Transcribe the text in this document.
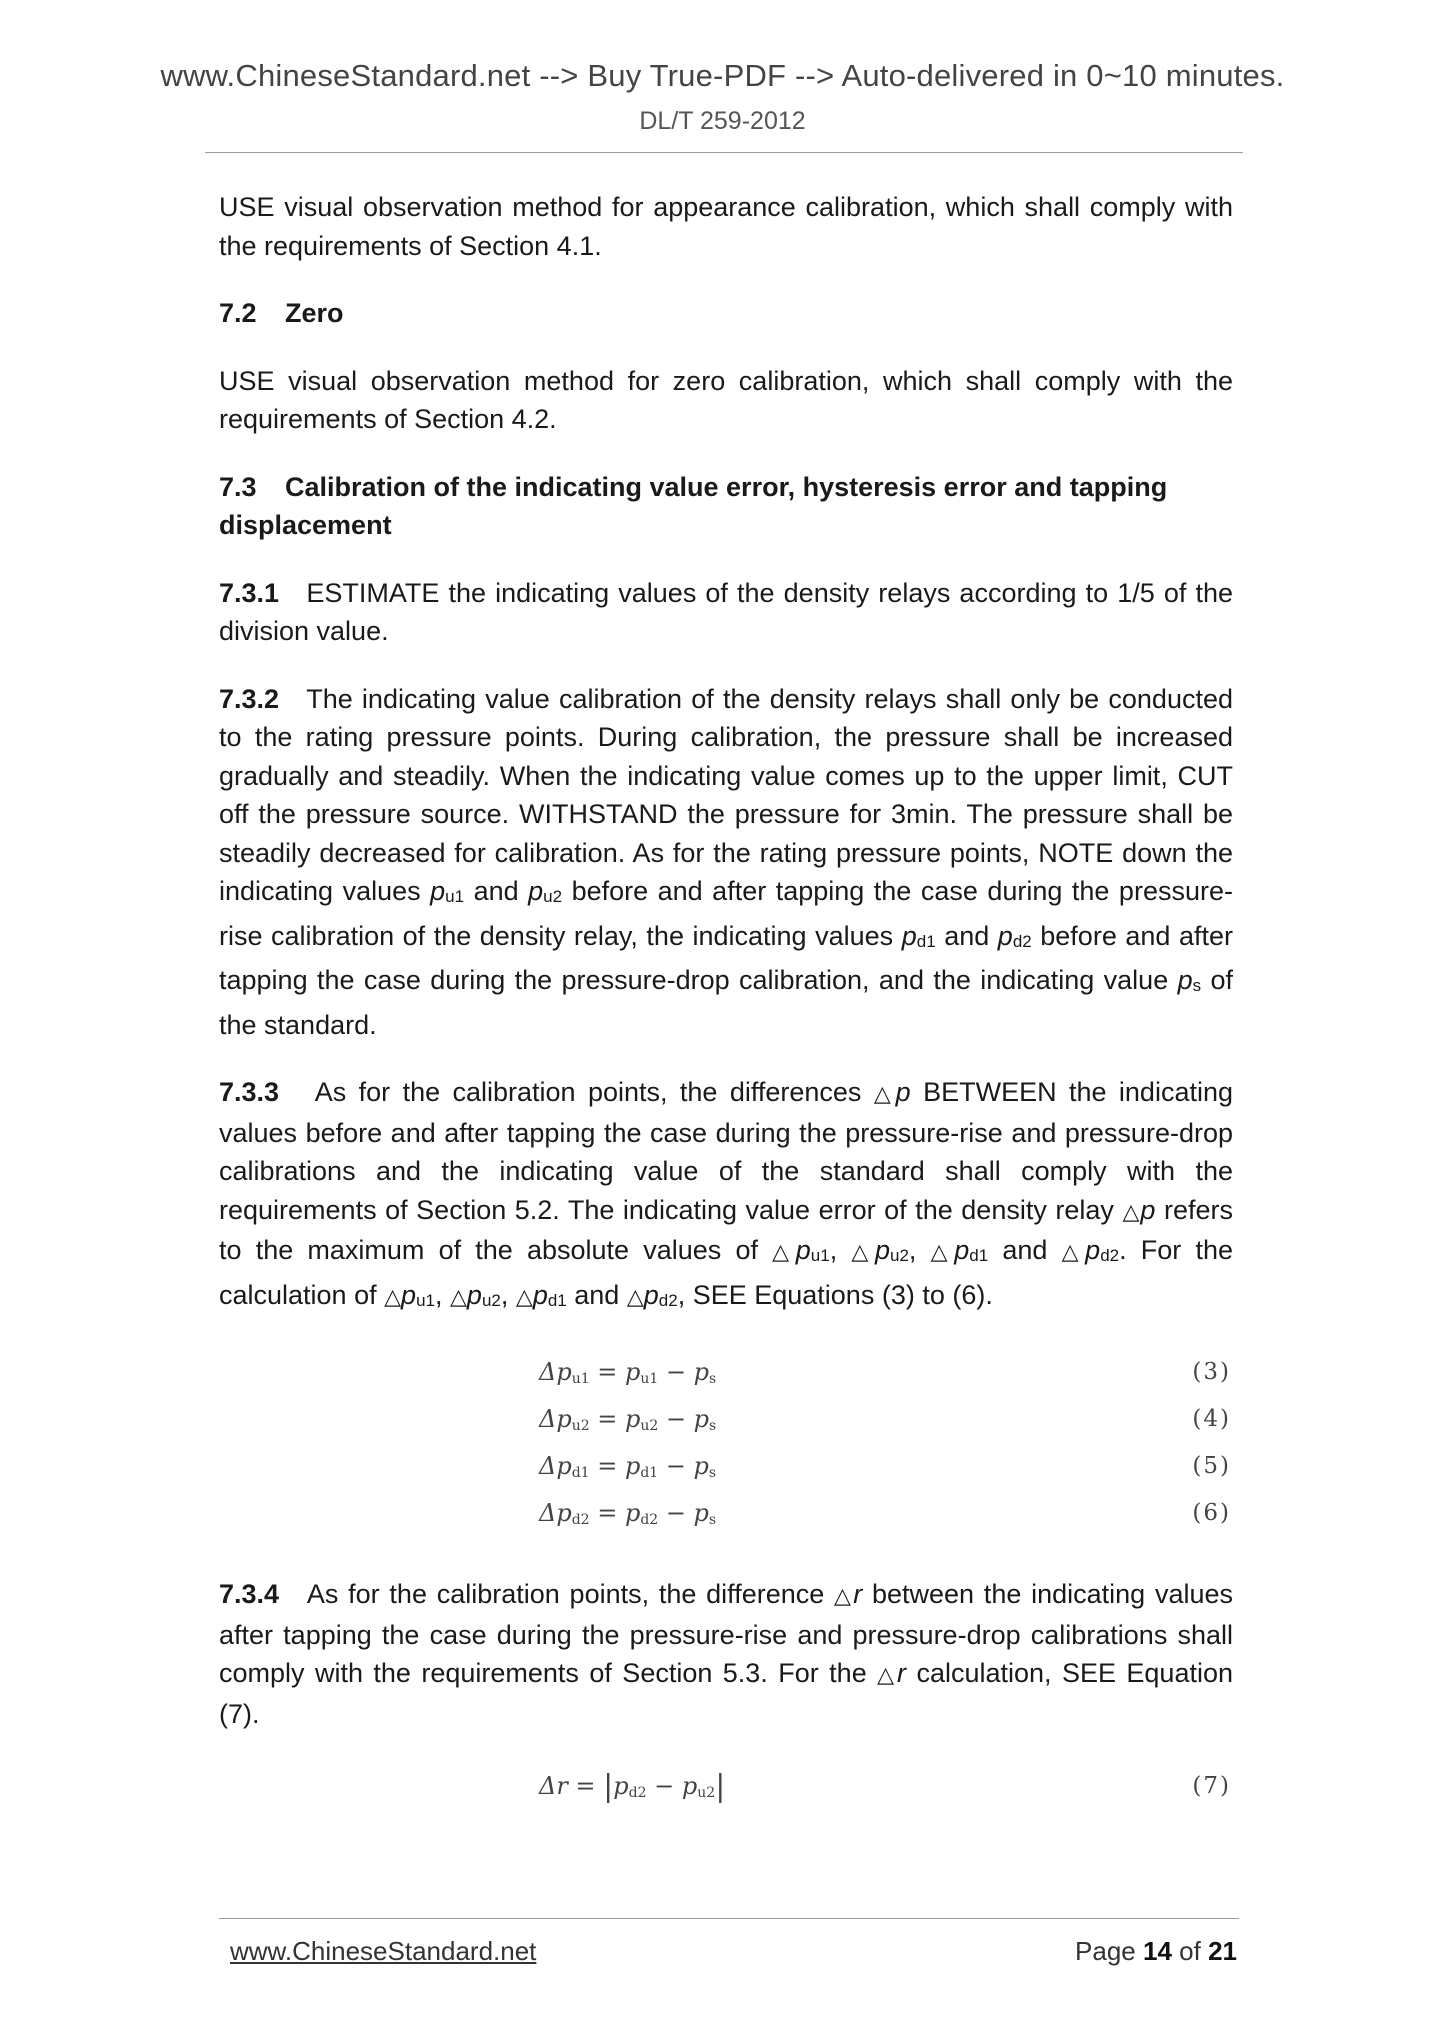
www.ChineseStandard.net --> Buy True-PDF --> Auto-delivered in 0~10 minutes.
DL/T 259-2012

USE visual observation method for appearance calibration, which shall comply with the requirements of Section 4.1.

7.2 Zero

USE visual observation method for zero calibration, which shall comply with the requirements of Section 4.2.

7.3 Calibration of the indicating value error, hysteresis error and tapping displacement

7.3.1 ESTIMATE the indicating values of the density relays according to 1/5 of the division value.

7.3.2 The indicating value calibration of the density relays shall only be conducted to the rating pressure points. During calibration, the pressure shall be increased gradually and steadily. When the indicating value comes up to the upper limit, CUT off the pressure source. WITHSTAND the pressure for 3min. The pressure shall be steadily decreased for calibration. As for the rating pressure points, NOTE down the indicating values pu1 and pu2 before and after tapping the case during the pressure-rise calibration of the density relay, the indicating values pd1 and pd2 before and after tapping the case during the pressure-drop calibration, and the indicating value ps of the standard.

7.3.3 As for the calibration points, the differences △p BETWEEN the indicating values before and after tapping the case during the pressure-rise and pressure-drop calibrations and the indicating value of the standard shall comply with the requirements of Section 5.2. The indicating value error of the density relay △p refers to the maximum of the absolute values of △pu1, △pu2, △pd1 and △pd2. For the calculation of △pu1, △pu2, △pd1 and △pd2, SEE Equations (3) to (6).

Δpu1 = pu1 − ps	(3)
Δpu2 = pu2 − ps	(4)
Δpd1 = pd1 − ps	(5)
Δpd2 = pd2 − ps	(6)

7.3.4 As for the calibration points, the difference △r between the indicating values after tapping the case during the pressure-rise and pressure-drop calibrations shall comply with the requirements of Section 5.3. For the △r calculation, SEE Equation (7).

Δr = |pd2 − pu2|	(7)
www.ChineseStandard.net	Page 14 of 21
